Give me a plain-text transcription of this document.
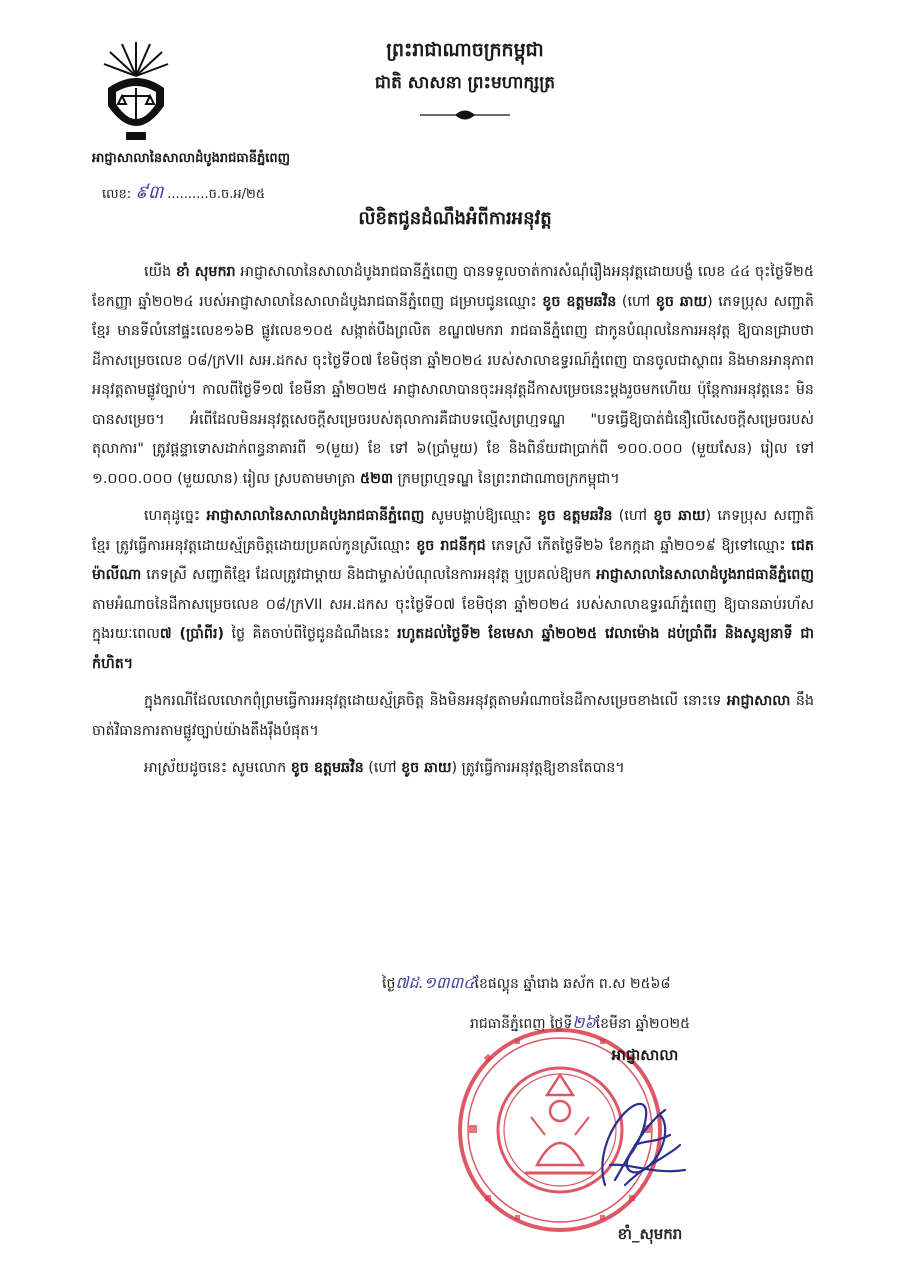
អាជ្ញាសាលានៃសាលាដំបូងរាជធានីភ្នំពេញ
លេខ: ៩៣ ..........ច.ច.អ/២៥
ព្រះរាជាណាចក្រកម្ពុជា
ជាតិ សាសនា ព្រះមហាក្សត្រ
លិខិតជូនដំណឹងអំពីការអនុវត្ត

យើង ខាំ សុមករា អាជ្ញាសាលានៃសាលាដំបូងរាជធានីភ្នំពេញ បានទទួលចាត់ការសំណុំរឿងអនុវត្តដោយបង្ខំ លេខ ៤៤ ចុះថ្ងៃទី២៥ ខែកញ្ញា ឆ្នាំ២០២៤ របស់អាជ្ញាសាលានៃសាលាដំបូងរាជធានីភ្នំពេញ ជម្រាបជូនឈ្មោះ ខូច ឧត្តមឆវិន (ហៅ ខូច ឆាយ) ភេទប្រុស សញ្ជាតិខ្មែរ មានទីលំនៅផ្ទះលេខ១៦B ផ្លូវលេខ១០៥ សង្កាត់បឹងព្រលិត ខណ្ឌ៧មករា រាជធានីភ្នំពេញ ជាកូនបំណុលនៃការអនុវត្ត ឱ្យបានជ្រាបថា ដីកាសម្រេចលេខ ០៨/ក្រVII សអ.ដកស ចុះថ្ងៃទី០៧ ខែមិថុនា ឆ្នាំ២០២៤ របស់សាលាឧទ្ធរណ៍ភ្នំពេញ បានចូលជាស្ថាពរ និងមានអានុភាពអនុវត្តតាមផ្លូវច្បាប់។ កាលពីថ្ងៃទី១៧ ខែមីនា ឆ្នាំ២០២៥ អាជ្ញាសាលាបានចុះអនុវត្តដីកាសម្រេចនេះម្តងរួចមកហើយ ប៉ុន្តែការអនុវត្តនេះ មិនបានសម្រេច។ អំពើដែលមិនអនុវត្តសេចក្តីសម្រេចរបស់តុលាការគឺជាបទល្មើសព្រហ្មទណ្ឌ "បទធ្វើឱ្យបាត់ជំនឿលើសេចក្តីសម្រេចរបស់តុលាការ" ត្រូវផ្តន្ទាទោសដាក់ពន្ធនាគារពី ១(មួយ) ខែ ទៅ ៦(ប្រាំមួយ) ខែ និងពិន័យជាប្រាក់ពី ១០០.០០០ (មួយសែន) រៀល ទៅ ១.០០០.០០០ (មួយលាន) រៀល ស្របតាមមាត្រា ៥២៣ ក្រមព្រហ្មទណ្ឌ នៃព្រះរាជាណាចក្រកម្ពុជា។

ហេតុដូច្នេះ អាជ្ញាសាលានៃសាលាដំបូងរាជធានីភ្នំពេញ សូមបង្គាប់ឱ្យឈ្មោះ ខូច ឧត្តមឆវិន (ហៅ ខូច ឆាយ) ភេទប្រុស សញ្ជាតិខ្មែរ ត្រូវធ្វើការអនុវត្តដោយស្ម័គ្រចិត្តដោយប្រគល់កូនស្រីឈ្មោះ ខូច រាជនីកុជ ភេទស្រី កើតថ្ងៃទី២៦ ខែកក្កដា ឆ្នាំ២០១៩ ឱ្យទៅឈ្មោះ ជេត ម៉ាលីណា ភេទស្រី សញ្ជាតិខ្មែរ ដែលត្រូវជាម្តាយ និងជាម្ចាស់បំណុលនៃការអនុវត្ត ឬប្រគល់ឱ្យមក អាជ្ញាសាលានៃសាលាដំបូងរាជធានីភ្នំពេញ តាមអំណាចនៃដីកាសម្រេចលេខ ០៨/ក្រVII សអ.ដកស ចុះថ្ងៃទី០៧ ខែមិថុនា ឆ្នាំ២០២៤ របស់សាលាឧទ្ធរណ៍ភ្នំពេញ ឱ្យបានឆាប់រហ័សក្នុងរយៈពេល៧ (ប្រាំពីរ) ថ្ងៃ គិតចាប់ពីថ្ងៃជូនដំណឹងនេះ រហូតដល់ថ្ងៃទី២ ខែមេសា ឆ្នាំ២០២៥ វេលាម៉ោង ដប់ប្រាំពីរ និងសូន្យនាទី ជាកំហិត។

ក្នុងករណីដែលលោកពុំព្រមធ្វើការអនុវត្តដោយស្ម័គ្រចិត្ត និងមិនអនុវត្តតាមអំណាចនៃដីកាសម្រេចខាងលើ នោះទេ អាជ្ញាសាលា នឹងចាត់វិធានការតាមផ្លូវច្បាប់យ៉ាងតឹងរ៉ឹងបំផុត។

អាស្រ័យដូចនេះ សូមលោក ខូច ឧត្តមឆវិន (ហៅ ខូច ឆាយ) ត្រូវធ្វើការអនុវត្តឱ្យខានតែបាន។

ថ្ងៃ៧ដ.១៣៣៤ខែផល្គុន ឆ្នាំរោង ឆស័ក ព.ស ២៥៦៨
រាជធានីភ្នំពេញ ថ្ងៃទី២៦ខែមីនា ឆ្នាំ២០២៥
អាជ្ញាសាលា
ខាំ_សុមករា
